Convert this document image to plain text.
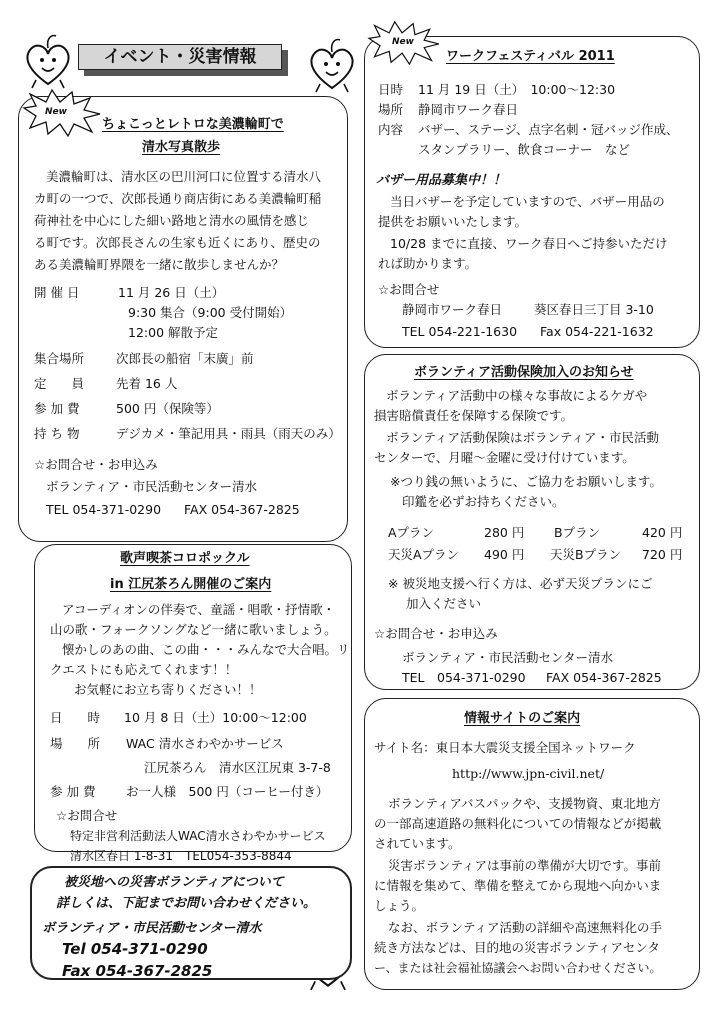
イベント・災害情報
New
ちょこっとレトロな美濃輪町で
清水写真散歩
美濃輪町は、清水区の巴川河口に位置する清水八
カ町の一つで、次郎長通り商店街にある美濃輪町稲
荷神社を中心にした細い路地と清水の風情を感じ
る町です。次郎長さんの生家も近くにあり、歴史の
ある美濃輪町界隈を一緒に散歩しませんか？
開 催 日	11 月 26 日（土）
9:30 集合（9:00 受付開始）
12:00 解散予定
集合場所	次郎長の船宿「末廣」前
定　　員	先着 16 人
参 加 費	500 円（保険等）
持 ち 物	デジカメ・筆記用具・雨具（雨天のみ）
☆お問合せ・お申込み
ボランティア・市民活動センター清水
TEL 054-371-0290 FAX 054-367-2825
歌声喫茶コロポックル
in 江尻茶ろん開催のご案内
アコーディオンの伴奏で、童謡・唱歌・抒情歌・
山の歌・フォークソングなど一緒に歌いましょう。
懐かしのあの曲、この曲・・・みんなで大合唱。リ
クエストにも応えてくれます！！
お気軽にお立ち寄りください！！
日　　時 10 月 8 日（土）10:00～12:00
場　　所 WAC 清水さわやかサービス
江尻茶ろん　清水区江尻東 3-7-8
参 加 費 お一人様　500 円（コーヒー付き）
☆お問合せ
特定非営利活動法人WAC清水さわやかサービス
清水区春日 1-8-31　TEL054-353-8844
被災地への災害ボランティアについて
詳しくは、下記までお問い合わせください。
ボランティア・市民活動センター清水
Tel 054-371-0290
Fax 054-367-2825
New
ワークフェスティバル 2011
日時 11 月 19 日（土）　10:00～12:30
場所 静岡市ワーク春日
内容 バザー、ステージ、点字名刺・冠バッジ作成、
スタンプラリー、飲食コーナー　など
バザー用品募集中！！
当日バザーを予定していますので、バザー用品の
提供をお願いいたします。
10/28 までに直接、ワーク春日へご持参いただけ
れば助かります。
☆お問合せ
静岡市ワーク春日	葵区春日三丁目 3-10
TEL 054-221-1630 Fax 054-221-1632
ボランティア活動保険加入のお知らせ
ボランティア活動中の様々な事故によるケガや
損害賠償責任を保障する保険です。
ボランティア活動保険はボランティア・市民活動
センターで、月曜～金曜に受け付けています。
※つり銭の無いように、ご協力をお願いします。
印鑑を必ずお持ちください。
Aプラン	280 円 Bプラン	420 円
天災Aプラン 490 円 天災Bプラン 720 円
※ 被災地支援へ行く方は、必ず天災プランにご
加入ください
☆お問合せ・お申込み
ボランティア・市民活動センター清水
TEL　054-371-0290 FAX 054-367-2825
情報サイトのご案内
サイト名：東日本大震災支援全国ネットワーク
http://www.jpn-civil.net/
ボランティアバスパックや、支援物資、東北地方
の一部高速道路の無料化についての情報などが掲載
されています。
災害ボランティアは事前の準備が大切です。事前
に情報を集めて、準備を整えてから現地へ向かいま
しょう。
なお、ボランティア活動の詳細や高速無料化の手
続き方法などは、目的地の災害ボランティアセンタ
ー、または社会福祉協議会へお問い合わせください。
